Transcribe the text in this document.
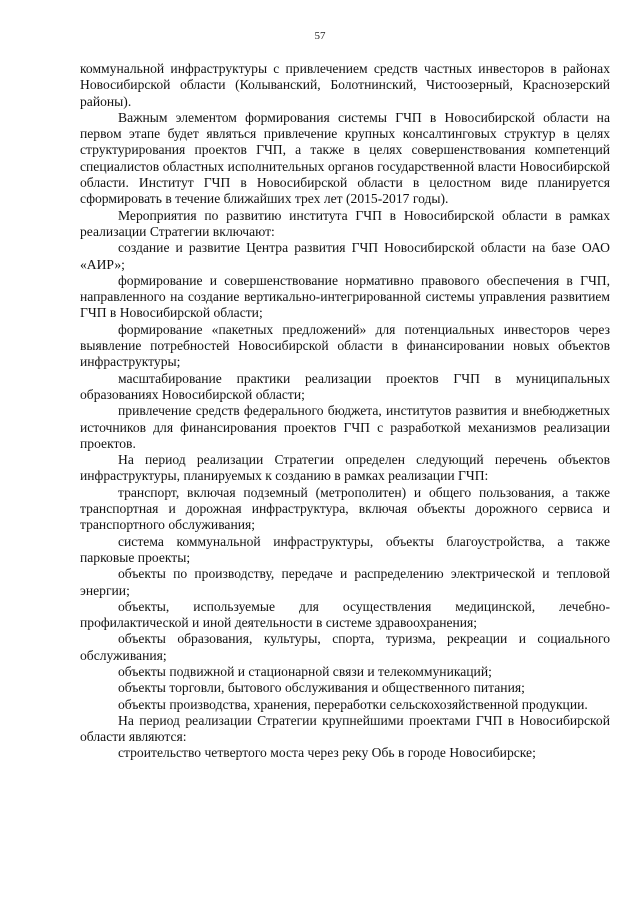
57

коммунальной инфраструктуры с привлечением средств частных инвесторов в районах Новосибирской области (Колыванский, Болотнинский, Чистоозерный, Краснозерский районы).

Важным элементом формирования системы ГЧП в Новосибирской области на первом этапе будет являться привлечение крупных консалтинговых структур в целях структурирования проектов ГЧП, а также в целях совершенствования компетенций специалистов областных исполнительных органов государственной власти Новосибирской области. Институт ГЧП в Новосибирской области в целостном виде планируется сформировать в течение ближайших трех лет (2015-2017 годы).

Мероприятия по развитию института ГЧП в Новосибирской области в рамках реализации Стратегии включают:

создание и развитие Центра развития ГЧП Новосибирской области на базе ОАО «АИР»;

формирование и совершенствование нормативно правового обеспечения в ГЧП, направленного на создание вертикально-интегрированной системы управления развитием ГЧП в Новосибирской области;

формирование «пакетных предложений» для потенциальных инвесторов через выявление потребностей Новосибирской области в финансировании новых объектов инфраструктуры;

масштабирование практики реализации проектов ГЧП в муниципальных образованиях Новосибирской области;

привлечение средств федерального бюджета, институтов развития и внебюджетных источников для финансирования проектов ГЧП с разработкой механизмов реализации проектов.

На период реализации Стратегии определен следующий перечень объектов инфраструктуры, планируемых к созданию в рамках реализации ГЧП:

транспорт, включая подземный (метрополитен) и общего пользования, а также транспортная и дорожная инфраструктура, включая объекты дорожного сервиса и транспортного обслуживания;

система коммунальной инфраструктуры, объекты благоустройства, а также парковые проекты;

объекты по производству, передаче и распределению электрической и тепловой энергии;

объекты, используемые для осуществления медицинской, лечебно-профилактической и иной деятельности в системе здравоохранения;

объекты образования, культуры, спорта, туризма, рекреации и социального обслуживания;

объекты подвижной и стационарной связи и телекоммуникаций;

объекты торговли, бытового обслуживания и общественного питания;

объекты производства, хранения, переработки сельскохозяйственной продукции.

На период реализации Стратегии крупнейшими проектами ГЧП в Новосибирской области являются:

строительство четвертого моста через реку Обь в городе Новосибирске;
